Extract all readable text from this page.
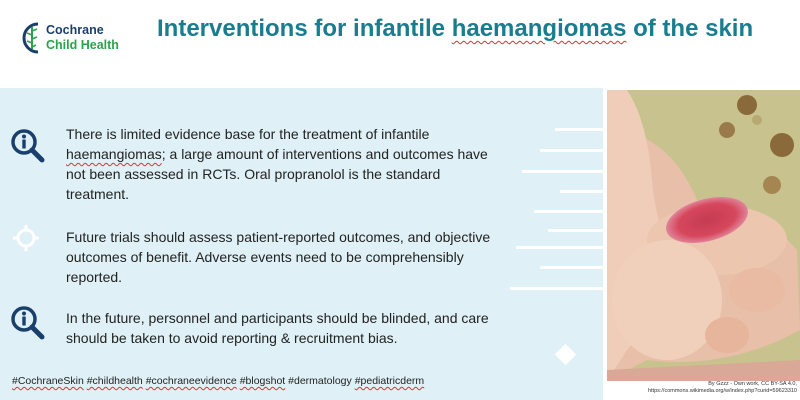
Cochrane
Child Health
Interventions for infantile haemangiomas of the skin
There is limited evidence base for the treatment of infantile haemangiomas; a large amount of interventions and outcomes have not been assessed in RCTs. Oral propranolol is the standard treatment.
Future trials should assess patient-reported outcomes, and objective outcomes of benefit. Adverse events need to be comprehensibly reported.
In the future, personnel and participants should be blinded, and care should be taken to avoid reporting & recruitment bias.
#CochraneSkin #childhealth #cochraneevidence #blogshot #dermatology #pediatricderm	By Gzzz - Own work, CC BY-SA 4.0,
https://commons.wikimedia.org/w/index.php?curid=59623310
